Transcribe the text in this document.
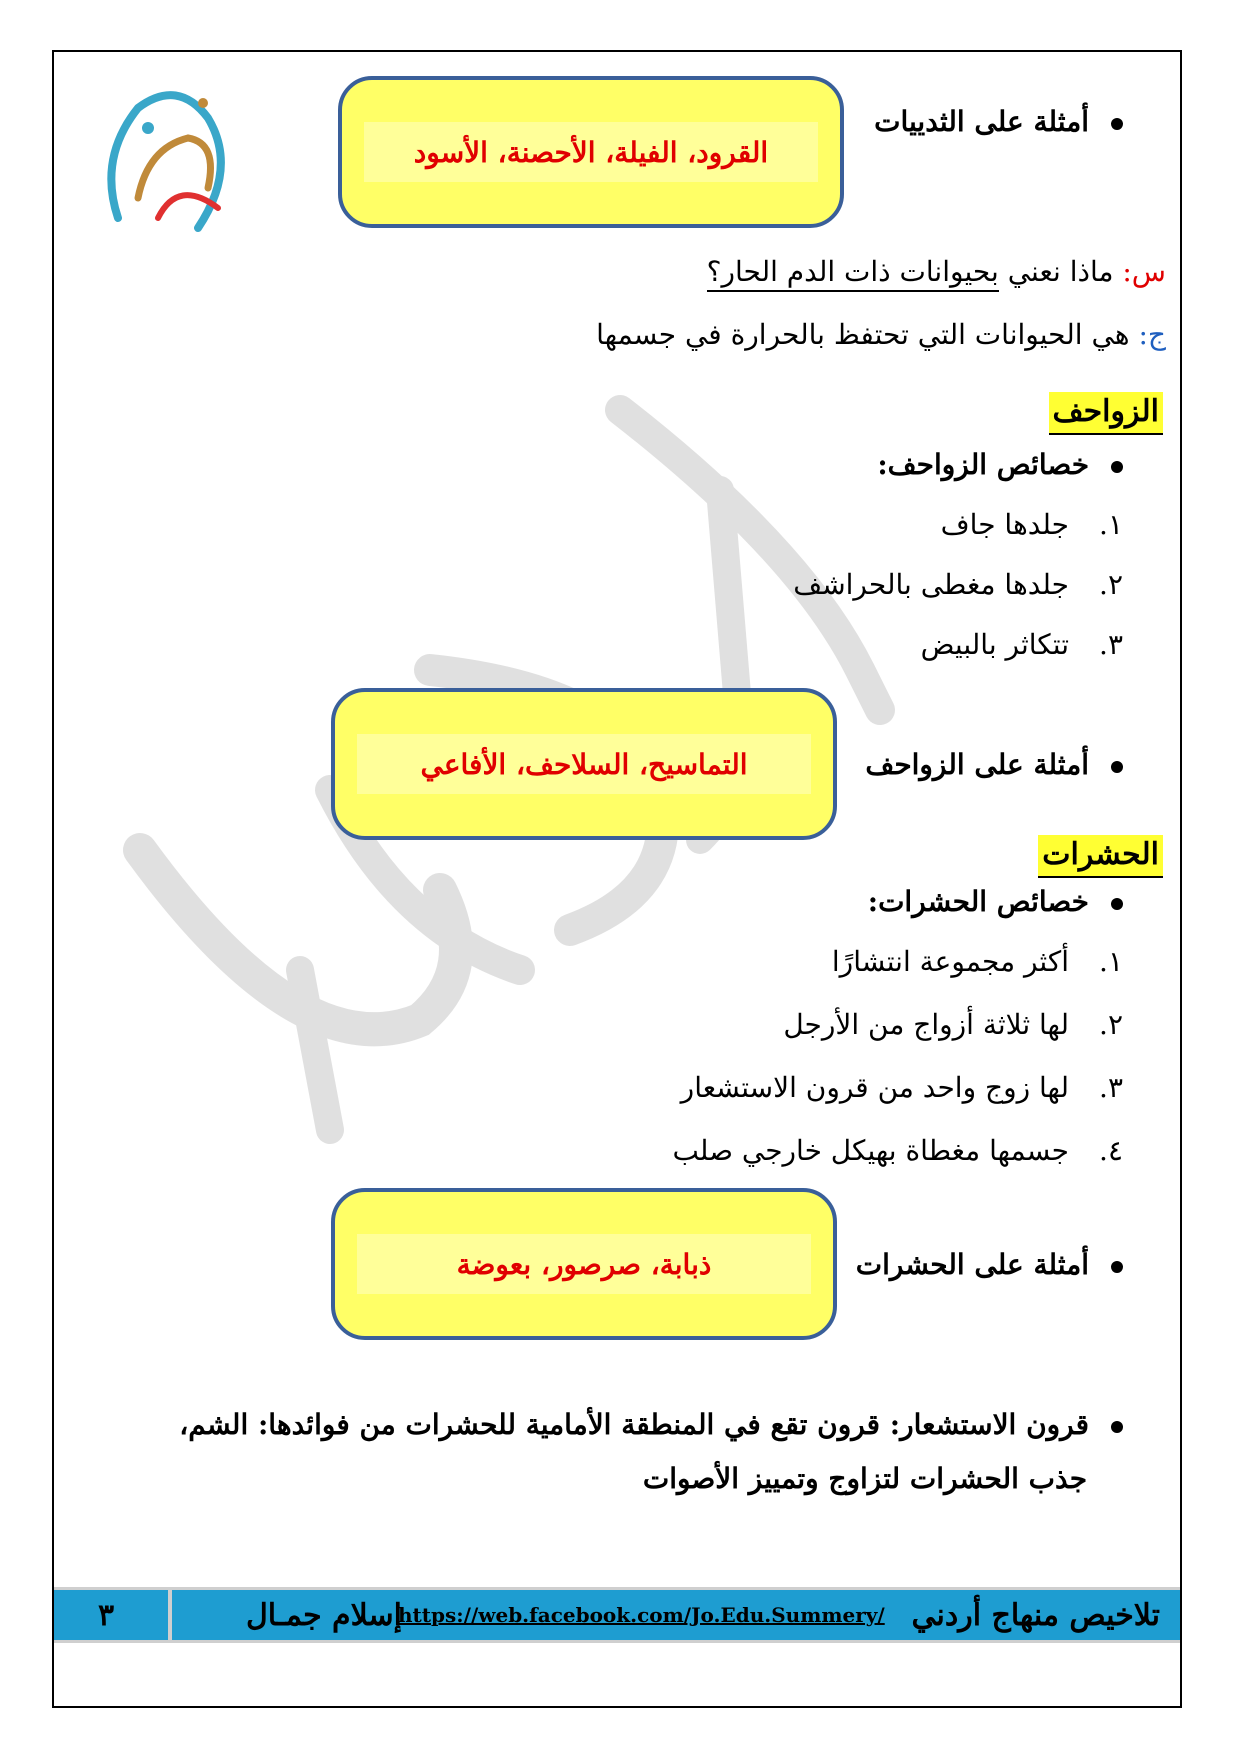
أمثلة على الثدييات
القرود، الفيلة، الأحصنة، الأسود
س: ماذا نعني بحيوانات ذات الدم الحار؟
ج: هي الحيوانات التي تحتفظ بالحرارة في جسمها
الزواحف
خصائص الزواحف:
١.جلدها جاف
٢.جلدها مغطى بالحراشف
٣.تتكاثر بالبيض
أمثلة على الزواحف
التماسيح، السلاحف، الأفاعي
الحشرات
خصائص الحشرات:
١.أكثر مجموعة انتشارًا
٢.لها ثلاثة أزواج من الأرجل
٣.لها زوج واحد من قرون الاستشعار
٤.جسمها مغطاة بهيكل خارجي صلب
أمثلة على الحشرات
ذبابة، صرصور، بعوضة
قرون الاستشعار: قرون تقع في المنطقة الأمامية للحشرات من فوائدها: الشم،
جذب الحشرات لتزاوج وتمييز الأصوات
تلاخيص منهاج أردني
https://web.facebook.com/Jo.Edu.Summery/
إسلام جمـال
٣
